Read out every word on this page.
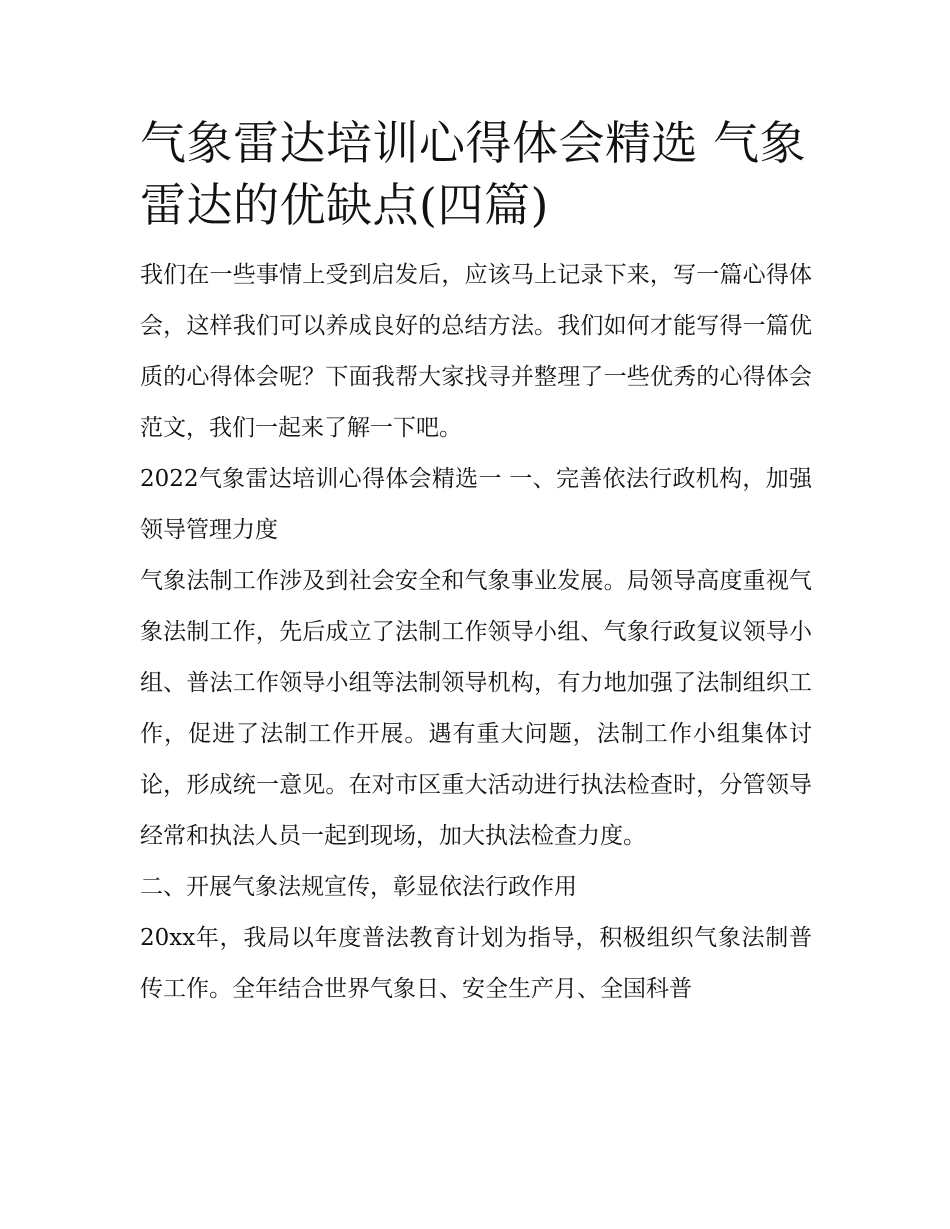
气象雷达培训心得体会精选 气象雷达的优缺点(四篇)

我们在一些事情上受到启发后，应该马上记录下来，写一篇心得体会，这样我们可以养成良好的总结方法。我们如何才能写得一篇优质的心得体会呢？下面我帮大家找寻并整理了一些优秀的心得体会范文，我们一起来了解一下吧。

2022气象雷达培训心得体会精选一 一、完善依法行政机构，加强领导管理力度

气象法制工作涉及到社会安全和气象事业发展。局领导高度重视气象法制工作，先后成立了法制工作领导小组、气象行政复议领导小组、普法工作领导小组等法制领导机构，有力地加强了法制组织工作，促进了法制工作开展。遇有重大问题，法制工作小组集体讨论，形成统一意见。在对市区重大活动进行执法检查时，分管领导经常和执法人员一起到现场，加大执法检查力度。

二、开展气象法规宣传，彰显依法行政作用

20xx年，我局以年度普法教育计划为指导，积极组织气象法制普传工作。全年结合世界气象日、安全生产月、全国科普
